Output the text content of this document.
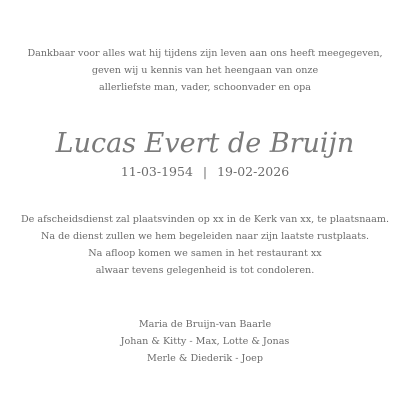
Dankbaar voor alles wat hij tijdens zijn leven aan ons heeft meegegeven,
geven wij u kennis van het heengaan van onze
allerliefste man, vader, schoonvader en opa
Lucas Evert de Bruijn
11-03-1954 | 19-02-2026
De afscheidsdienst zal plaatsvinden op xx in de Kerk van xx, te plaatsnaam.
Na de dienst zullen we hem begeleiden naar zijn laatste rustplaats.
Na afloop komen we samen in het restaurant xx
alwaar tevens gelegenheid is tot condoleren.
Maria de Bruijn-van Baarle
Johan & Kitty - Max, Lotte & Jonas
Merle & Diederik - Joep
